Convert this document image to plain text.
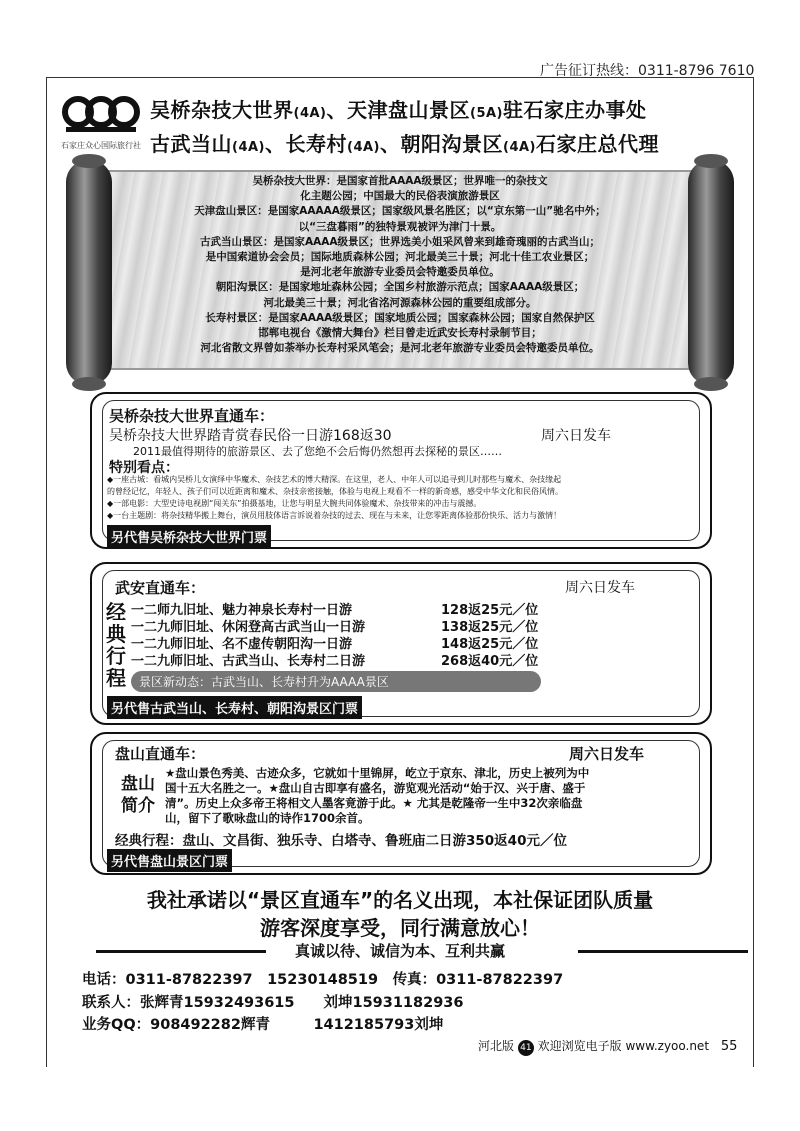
广告征订热线：0311-8796 7610
石家庄众心国际旅行社
吴桥杂技大世界(4A)、天津盘山景区(5A)驻石家庄办事处
古武当山(4A)、长寿村(4A)、朝阳沟景区(4A)石家庄总代理
吴桥杂技大世界：是国家首批AAAA级景区；世界唯一的杂技文
化主题公园；中国最大的民俗表演旅游景区
天津盘山景区：是国家AAAAA级景区；国家级风景名胜区；以“京东第一山”驰名中外；
以“三盘暮雨”的独特景观被评为津门十景。
古武当山景区：是国家AAAA级景区；世界选美小姐采风曾来到雄奇瑰丽的古武当山；
是中国索道协会会员；国际地质森林公园；河北最美三十景；河北十佳工农业景区；
是河北老年旅游专业委员会特邀委员单位。
朝阳沟景区：是国家地址森林公园；全国乡村旅游示范点；国家AAAA级景区；
河北最美三十景；河北省洺河源森林公园的重要组成部分。
长寿村景区：是国家AAAA级景区；国家地质公园；国家森林公园；国家自然保护区
邯郸电视台《激情大舞台》栏目曾走近武安长寿村录制节目；
河北省散文界曾如荼举办长寿村采风笔会；是河北老年旅游专业委员会特邀委员单位。
吴桥杂技大世界直通车：
吴桥杂技大世界踏青赏春民俗一日游168返30	周六日发车
2011最值得期待的旅游景区、去了您绝不会后悔仍然想再去探秘的景区……
特别看点：
◆一座古城：看城内吴桥儿女演绎中华魔术、杂技艺术的博大精深。在这里，老人、中年人可以追寻到儿时那些与魔术、杂技缘起
的曾经记忆，年轻人、孩子们可以近距离和魔术、杂技亲密接触，体验与电视上观看不一样的新奇感，感受中华文化和民俗风情。
◆一部电影：大型史诗电视剧“闯关东”拍摄基地，让您与明星大腕共同体验魔术、杂技带来的冲击与震撼。
◆一台主题剧：将杂技精华搬上舞台，演员用肢体语言诉说着杂技的过去、现在与未来，让您零距离体验那份快乐、活力与激情！
另代售吴桥杂技大世界门票
武安直通车：	周六日发车
经
典
行
程
一二师九旧址、魅力神泉长寿村一日游	128返25元／位
一二九师旧址、休闲登高古武当山一日游	138返25元／位
一二九师旧址、名不虚传朝阳沟一日游	148返25元／位
一二九师旧址、古武当山、长寿村二日游	268返40元／位
景区新动态：古武当山、长寿村升为AAAA景区
另代售古武当山、长寿村、朝阳沟景区门票
盘山直通车：	周六日发车
盘山
简介
★盘山景色秀美、古迹众多，它就如十里锦屏，屹立于京东、津北，历史上被列为中
国十五大名胜之一。★盘山自古即享有盛名，游览观光活动“始于汉、兴于唐、盛于
清”。历史上众多帝王将相文人墨客竟游于此。★ 尤其是乾隆帝一生中32次亲临盘
山，留下了歌咏盘山的诗作1700余首。
经典行程：盘山、文昌街、独乐寺、白塔寺、鲁班庙二日游350返40元／位
另代售盘山景区门票
我社承诺以“景区直通车”的名义出现，本社保证团队质量
游客深度享受，同行满意放心！
真诚以待、诚信为本、互利共赢
电话：0311-87822397　15230148519　传真：0311-87822397
联系人：张辉青15932493615　　刘坤15931182936
业务QQ：908492282辉青　　　1412185793刘坤
河北版 41 欢迎浏览电子版 www.zyoo.net 55
